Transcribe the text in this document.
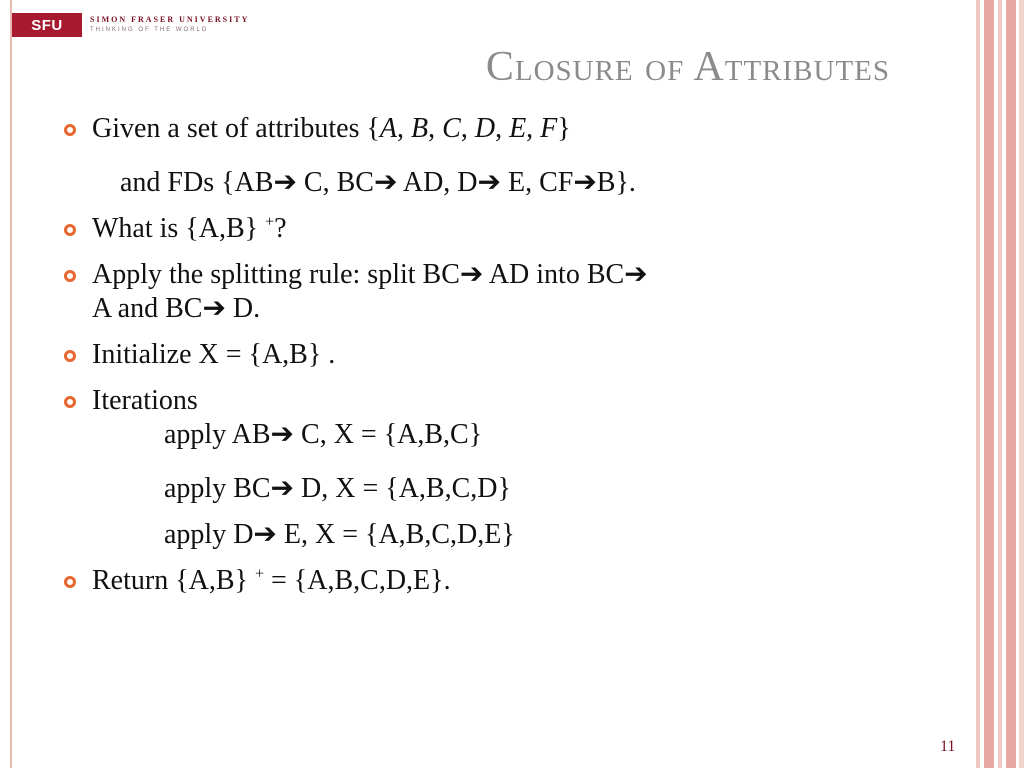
SFU	SIMON FRASER UNIVERSITY
THINKING OF THE WORLD
Closure of Attributes
Given a set of attributes {A, B, C, D, E, F}
and FDs {AB➔ C, BC➔ AD, D➔ E, CF➔B}.
What is {A,B} +?
Apply the splitting rule: split BC➔ AD into BC➔
A and BC➔ D.
Initialize X = {A,B} .
Iterations
apply AB➔ C, X = {A,B,C}
apply BC➔ D, X = {A,B,C,D}
apply D➔ E, X = {A,B,C,D,E}
Return {A,B} + = {A,B,C,D,E}.
11
